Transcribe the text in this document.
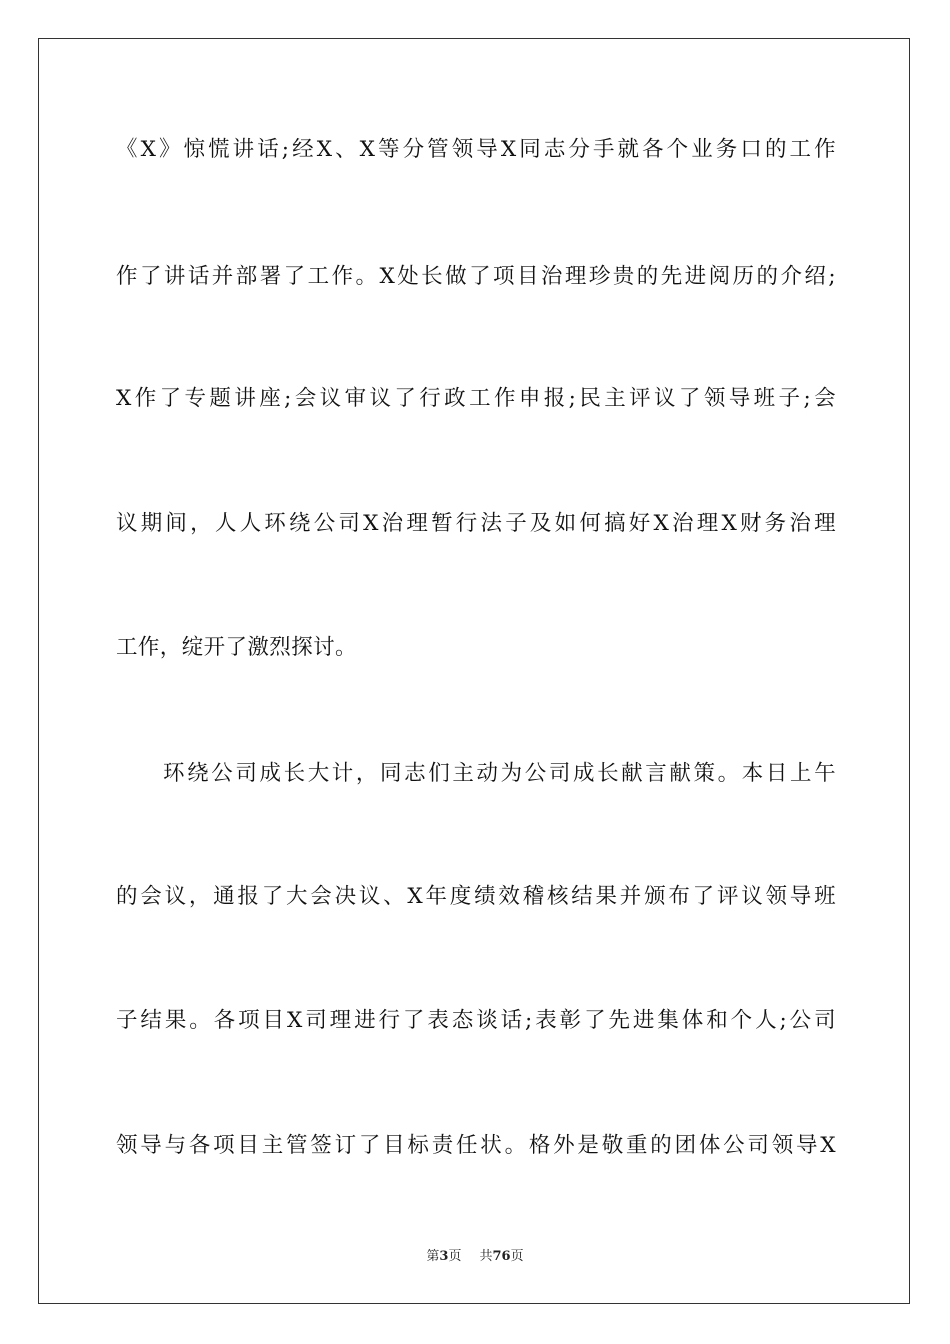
《X》惊慌讲话;经X、X等分管领导X同志分手就各个业务口的工作
作了讲话并部署了工作。X处长做了项目治理珍贵的先进阅历的介绍;
X作了专题讲座;会议审议了行政工作申报;民主评议了领导班子;会
议期间，人人环绕公司X治理暂行法子及如何搞好X治理X财务治理
工作，绽开了激烈探讨。
环绕公司成长大计，同志们主动为公司成长献言献策。本日上午
的会议，通报了大会决议、X年度绩效稽核结果并颁布了评议领导班
子结果。各项目X司理进行了表态谈话;表彰了先进集体和个人;公司
领导与各项目主管签订了目标责任状。格外是敬重的团体公司领导X
第3页 共76页
